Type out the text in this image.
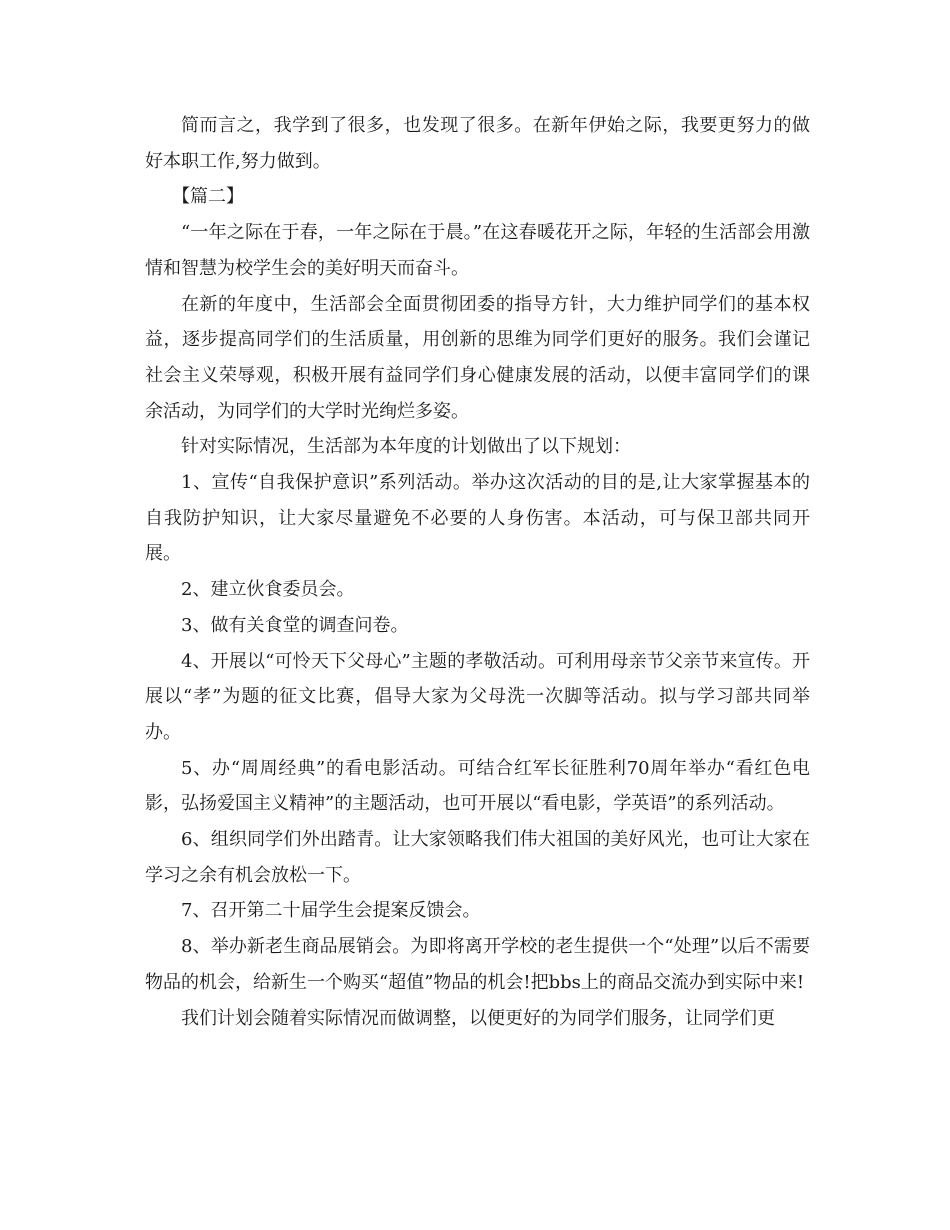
简而言之，我学到了很多，也发现了很多。在新年伊始之际，我要更努力的做好本职工作,努力做到。

【篇二】

“一年之际在于春，一年之际在于晨。”在这春暖花开之际，年轻的生活部会用激情和智慧为校学生会的美好明天而奋斗。

在新的年度中，生活部会全面贯彻团委的指导方针，大力维护同学们的基本权益，逐步提高同学们的生活质量，用创新的思维为同学们更好的服务。我们会谨记社会主义荣辱观，积极开展有益同学们身心健康发展的活动，以便丰富同学们的课余活动，为同学们的大学时光绚烂多姿。

针对实际情况，生活部为本年度的计划做出了以下规划：

1、宣传“自我保护意识”系列活动。举办这次活动的目的是,让大家掌握基本的自我防护知识，让大家尽量避免不必要的人身伤害。本活动，可与保卫部共同开展。

2、建立伙食委员会。

3、做有关食堂的调查问卷。

4、开展以“可怜天下父母心”主题的孝敬活动。可利用母亲节父亲节来宣传。开展以“孝”为题的征文比赛，倡导大家为父母洗一次脚等活动。拟与学习部共同举办。

5、办“周周经典”的看电影活动。可结合红军长征胜利70周年举办“看红色电影，弘扬爱国主义精神”的主题活动，也可开展以“看电影，学英语”的系列活动。

6、组织同学们外出踏青。让大家领略我们伟大祖国的美好风光，也可让大家在学习之余有机会放松一下。

7、召开第二十届学生会提案反馈会。

8、举办新老生商品展销会。为即将离开学校的老生提供一个“处理”以后不需要物品的机会，给新生一个购买“超值”物品的机会!把bbs上的商品交流办到实际中来!

我们计划会随着实际情况而做调整，以便更好的为同学们服务，让同学们更
